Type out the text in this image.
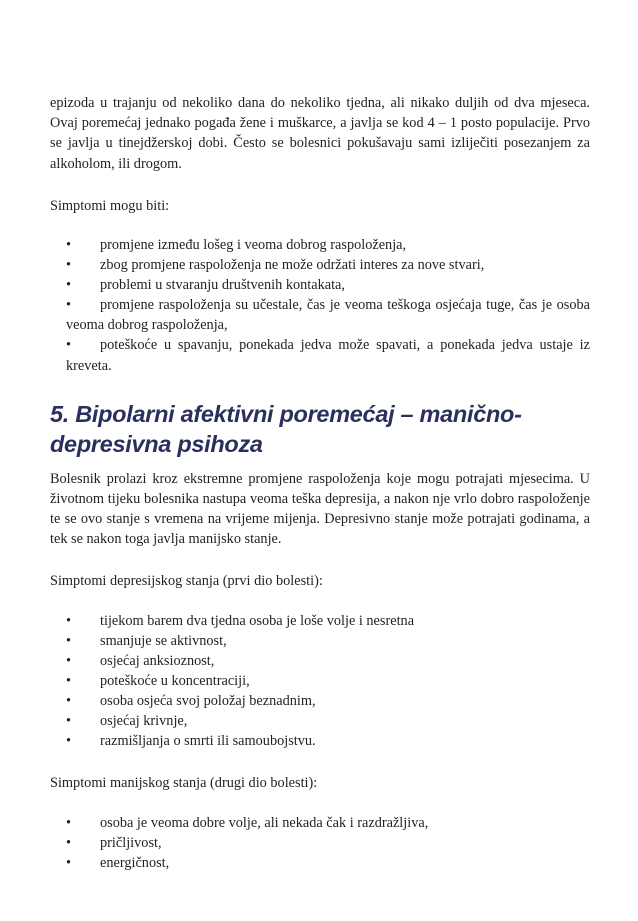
epizoda u trajanju od nekoliko dana do nekoliko tjedna, ali nikako duljih od dva mjeseca. Ovaj poremećaj jednako pogađa žene i muškarce, a javlja se kod 4 – 1 posto populacije. Prvo se javlja u tinejdžerskoj dobi. Često se bolesnici pokušavaju sami izliječiti posezanjem za alkoholom, ili drogom.

Simptomi mogu biti:

• promjene između lošeg i veoma dobrog raspoloženja,
• zbog promjene raspoloženja ne može održati interes za nove stvari,
• problemi u stvaranju društvenih kontakata,
• promjene raspoloženja su učestale, čas je veoma teškoga osjećaja tuge, čas je osoba veoma dobrog raspoloženja,
• poteškoće u spavanju, ponekada jedva može spavati, a ponekada jedva ustaje iz kreveta.
5. Bipolarni afektivni poremećaj – manično-
depresivna psihoza

Bolesnik prolazi kroz ekstremne promjene raspoloženja koje mogu potrajati mjesecima. U životnom tijeku bolesnika nastupa veoma teška depresija, a nakon nje vrlo dobro raspoloženje te se ovo stanje s vremena na vrijeme mijenja. Depresivno stanje može potrajati godinama, a tek se nakon toga javlja manijsko stanje.

Simptomi depresijskog stanja (prvi dio bolesti):

• tijekom barem dva tjedna osoba je loše volje i nesretna
• smanjuje se aktivnost,
• osjećaj anksioznost,
• poteškoće u koncentraciji,
• osoba osjeća svoj položaj beznadnim,
• osjećaj krivnje,
• razmišljanja o smrti ili samoubojstvu.

Simptomi manijskog stanja (drugi dio bolesti):

• osoba je veoma dobre volje, ali nekada čak i razdražljiva,
• pričljivost,
• energičnost,
